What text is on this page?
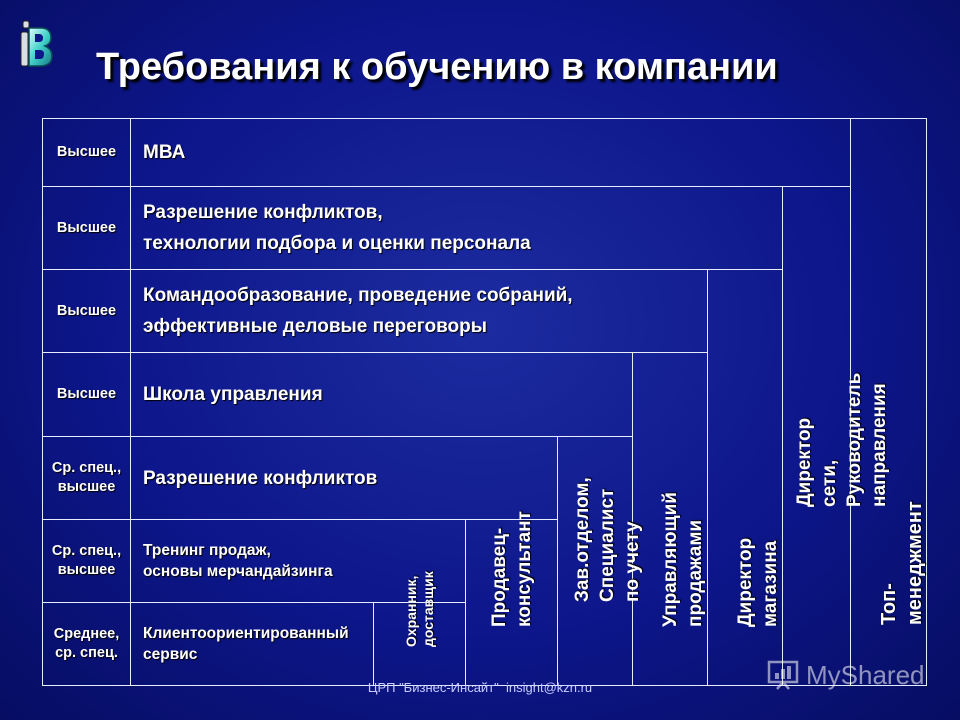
Требования к обучению в компании
Топ-менеджмент
Директор сети,
Руководитель направления
Директор магазина
Управляющий продажами
Зав.отделом,
Специалист по учету
Продавец-
консультант
Охранник,
доставщик
Высшее МВА
Высшее
Разрешение конфликтов,
технологии подбора и оценки персонала
Высшее
Командообразование, проведение собраний,
эффективные деловые переговоры
Высшее Школа управления
Ср. спец.,
высшее	Разрешение конфликтов
Ср. спец.,
высшее
Тренинг продаж,
основы мерчандайзинга
Среднее,
ср. спец.
Клиентоориентированный
сервис
ЦРП "Бизнес-Инсайт"  insight@kzn.ru	MyShared
